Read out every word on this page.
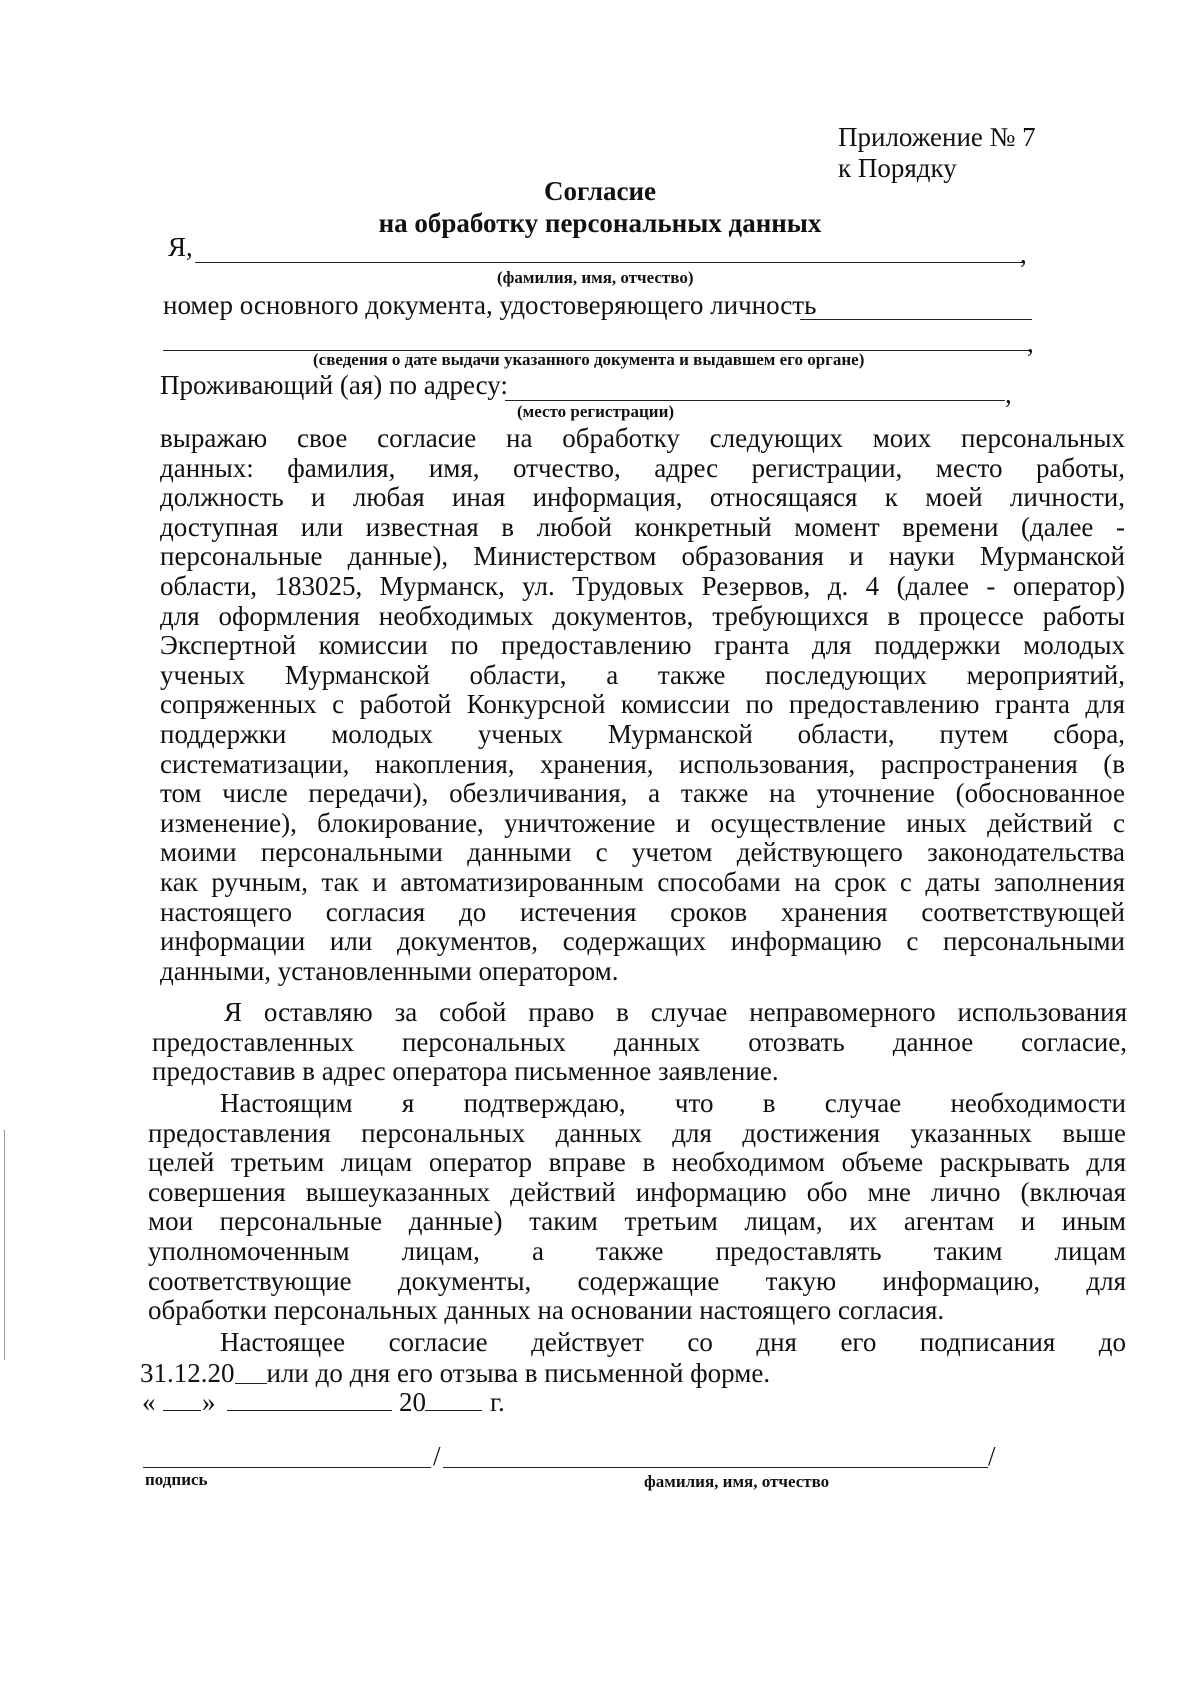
Приложение № 7
к Порядку
Согласие
на обработку персональных данных
Я,	,
(фамилия, имя, отчество)
номер основного документа, удостоверяющего личность
,
(сведения о дате выдачи указанного документа и выдавшем его органе)
Проживающий (ая) по адресу:	,
(место регистрации)
выражаю свое согласие на обработку следующих моих персональных
данных: фамилия, имя, отчество, адрес регистрации, место работы,
должность и любая иная информация, относящаяся к моей личности,
доступная или известная в любой конкретный момент времени (далее -
персональные данные), Министерством образования и науки Мурманской
области, 183025, Мурманск, ул. Трудовых Резервов, д. 4 (далее - оператор)
для оформления необходимых документов, требующихся в процессе работы
Экспертной комиссии по предоставлению гранта для поддержки молодых
ученых Мурманской области, а также последующих мероприятий,
сопряженных с работой Конкурсной комиссии по предоставлению гранта для
поддержки молодых ученых Мурманской области, путем сбора,
систематизации, накопления, хранения, использования, распространения (в
том числе передачи), обезличивания, а также на уточнение (обоснованное
изменение), блокирование, уничтожение и осуществление иных действий с
моими персональными данными с учетом действующего законодательства
как ручным, так и автоматизированным способами на срок с даты заполнения
настоящего согласия до истечения сроков хранения соответствующей
информации или документов, содержащих информацию с персональными
данными, установленными оператором.
Я оставляю за собой право в случае неправомерного использования
предоставленных персональных данных отозвать данное согласие,
предоставив в адрес оператора письменное заявление.
Настоящим я подтверждаю, что в случае необходимости
предоставления персональных данных для достижения указанных выше
целей третьим лицам оператор вправе в необходимом объеме раскрывать для
совершения вышеуказанных действий информацию обо мне лично (включая
мои персональные данные) таким третьим лицам, их агентам и иным
уполномоченным лицам, а также предоставлять таким лицам
соответствующие документы, содержащие такую информацию, для
обработки персональных данных на основании настоящего согласия.
Настоящее согласие действует со дня его подписания до
31.12.20 или до дня его отзыва в письменной форме.
« »	20 г.
/	/
подпись	фамилия, имя, отчество
